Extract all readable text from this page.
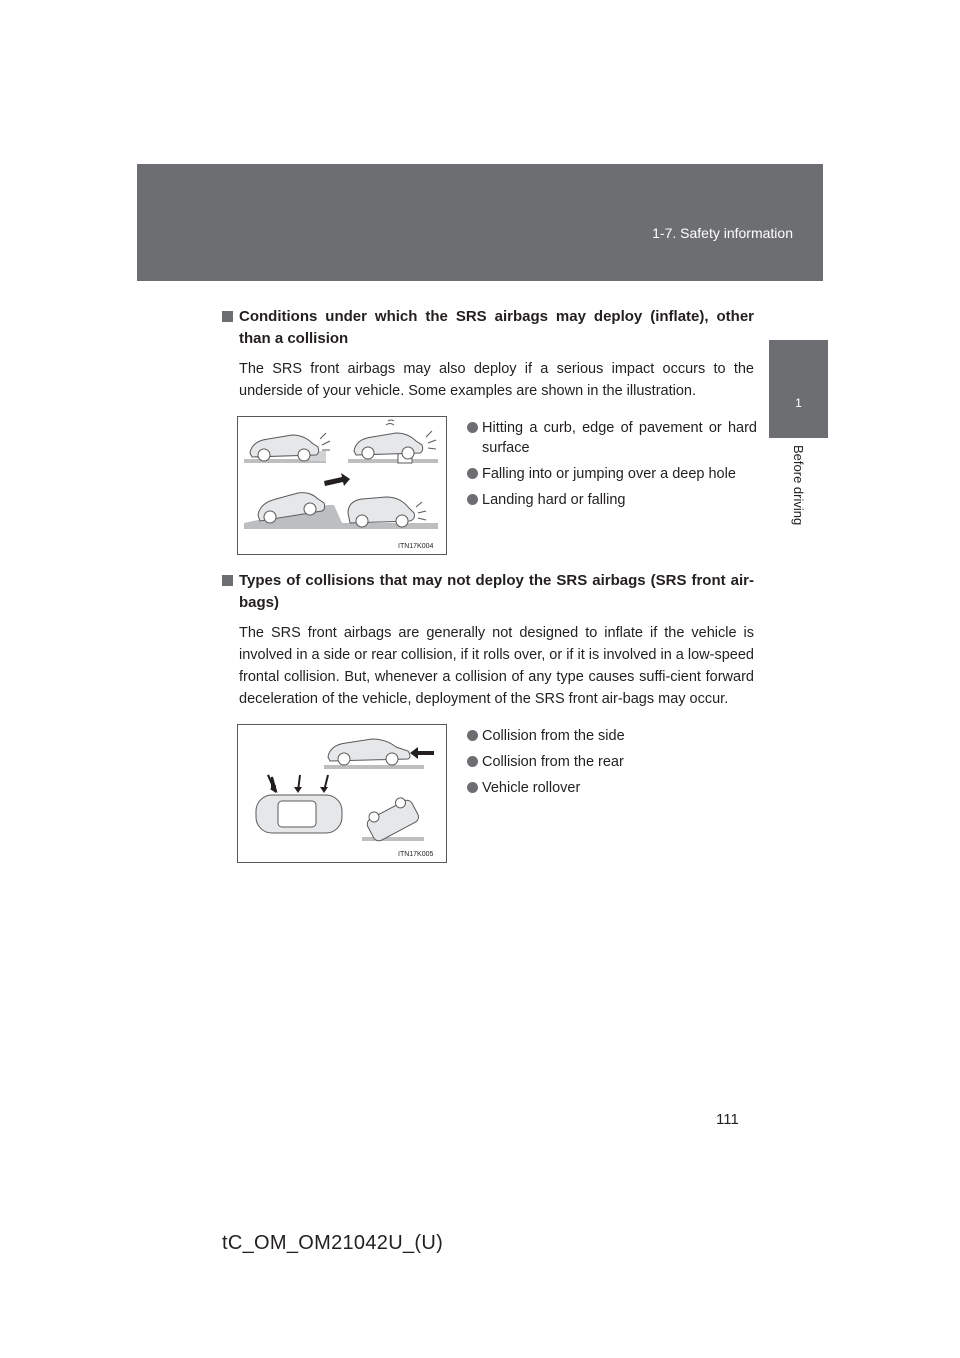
1-7. Safety information
1
Before driving

Conditions under which the SRS airbags may deploy (inflate), other than a collision

The SRS front airbags may also deploy if a serious impact occurs to the underside of your vehicle. Some examples are shown in the illustration.

ITN17K004
Hitting a curb, edge of pavement or hard surface
Falling into or jumping over a deep hole
Landing hard or falling

Types of collisions that may not deploy the SRS airbags (SRS front air-bags)

The SRS front airbags are generally not designed to inflate if the vehicle is involved in a side or rear collision, if it rolls over, or if it is involved in a low-speed frontal collision. But, whenever a collision of any type causes suffi-cient forward deceleration of the vehicle, deployment of the SRS front air-bags may occur.

ITN17K005
Collision from the side
Collision from the rear
Vehicle rollover
111
tC_OM_OM21042U_(U)
